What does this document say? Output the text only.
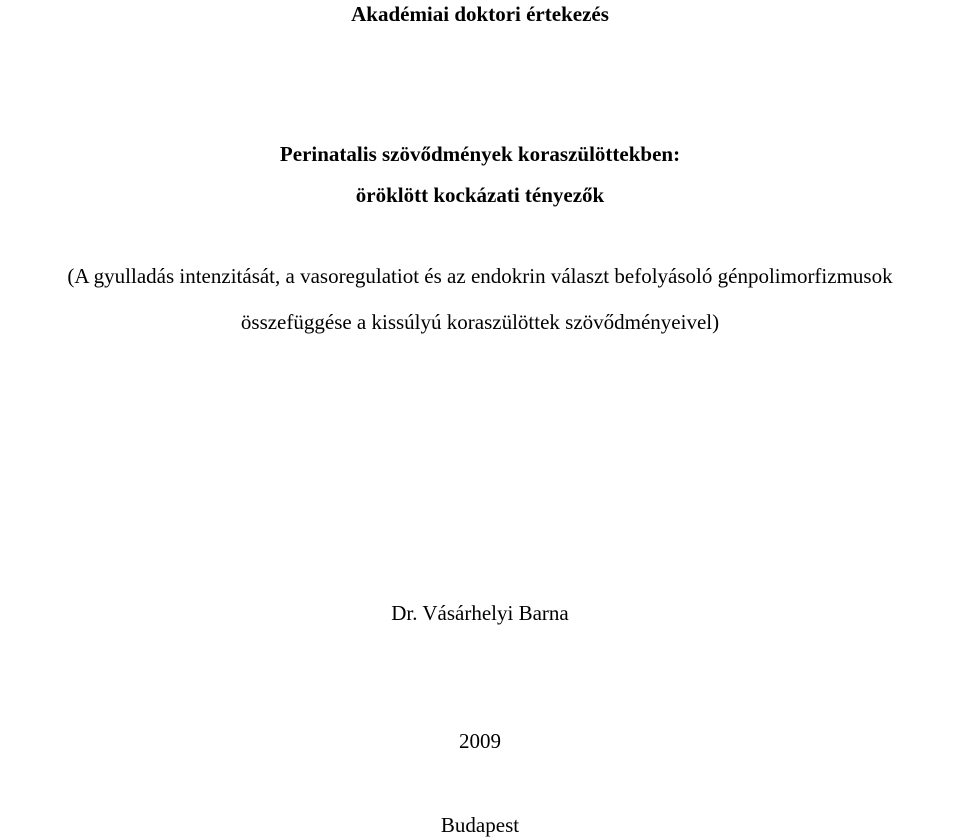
Akadémiai doktori értekezés
Perinatalis szövődmények koraszülöttekben:
öröklött kockázati tényezők
(A gyulladás intenzitását, a vasoregulatiot és az endokrin választ befolyásoló génpolimorfizmusok
összefüggése a kissúlyú koraszülöttek szövődményeivel)
Dr. Vásárhelyi Barna
2009
Budapest
